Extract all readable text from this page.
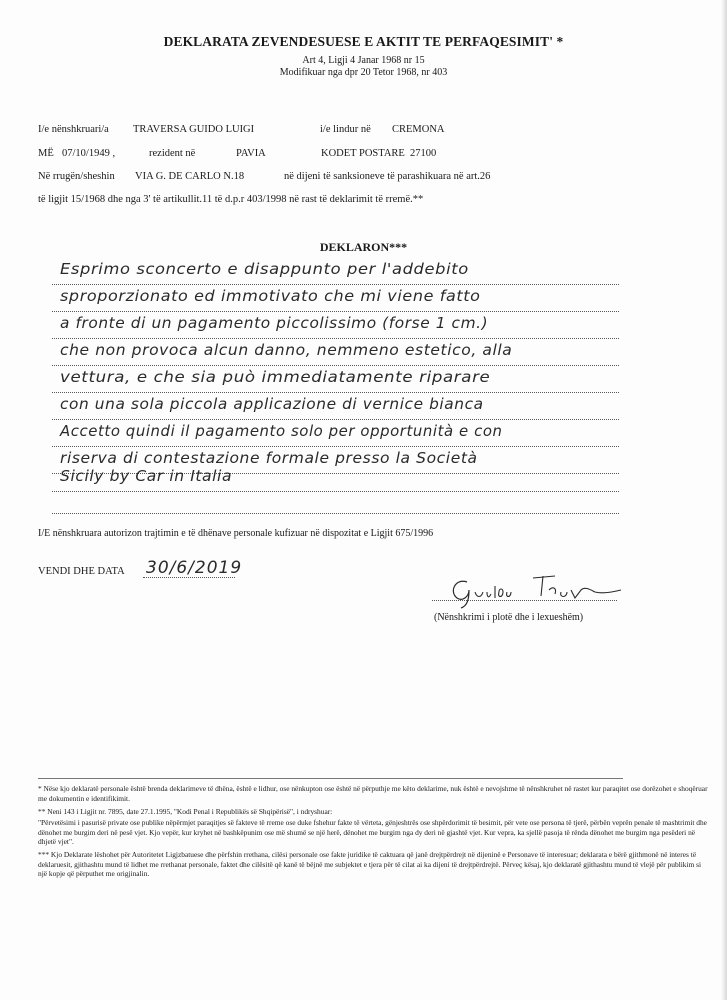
DEKLARATA ZEVENDESUESE E AKTIT TE PERFAQESIMIT' *
Art 4, Ligji 4 Janar 1968 nr 15
Modifikuar nga dpr 20 Tetor 1968, nr 403
I/e nënshkruari/a TRAVERSA GUIDO LUIGI	i/e lindur në CREMONA
MË 07/10/1949 ,	rezident në	PAVIA	KODET POSTARE 27100
Në rrugën/sheshin VIA G. DE CARLO N.18	në dijeni të sanksioneve të parashikuara në art.26
të ligjit 15/1968 dhe nga 3' të artikullit.11 të d.p.r 403/1998 në rast të deklarimit të rremë.**
DEKLARON***
Esprimo sconcerto e disappunto per l'addebito
sproporzionato ed immotivato che mi viene fatto
a fronte di un pagamento piccolissimo (forse 1 cm.)
che non provoca alcun danno, nemmeno estetico, alla
vettura, e che sia può immediatamente riparare
con una sola piccola applicazione di vernice bianca
Accetto quindi il pagamento solo per opportunità e con
riserva di contestazione formale presso la Società
Sicily by Car in Italia
I/E nënshkruara autorizon trajtimin e të dhënave personale kufizuar në dispozitat e Ligjit 675/1996
VENDI DHE DATA 30/6/2019
(Nënshkrimi i plotë dhe i lexueshëm)
* Nëse kjo deklaratë personale është brenda deklarimeve të dhëna, është e lidhur, ose nënkupton ose është në përputhje me këto deklarime, nuk është e nevojshme të nënshkruhet në rastet kur paraqitet ose dorëzohet e shoqëruar me dokumentin e identifikimit.
** Neni 143 i Ligjit nr. 7895, date 27.1.1995, "Kodi Penal i Republikës së Shqipërisë", i ndryshuar:
"Përvetësimi i pasurisë private ose publike nëpërmjet paraqitjes së fakteve të rreme ose duke fshehur fakte të vërteta, gënjeshtrës ose shpërdorimit të besimit, për vete ose persona të tjerë, përbën veprën penale të mashtrimit dhe dënohet me burgim deri në pesë vjet. Kjo vepër, kur kryhet në bashkëpunim ose më shumë se një herë, dënohet me burgim nga dy deri në gjashtë vjet. Kur vepra, ka sjellë pasoja të rënda dënohet me burgim nga pesëderi në dhjetë vjet".
*** Kjo Deklarate lëshohet për Autoritetet Ligjzbatuese dhe përfshin rrethana, cilësi personale ose fakte juridike të caktuara që janë drejtpërdrejt në dijeninë e Personave të interesuar; deklarata e bërë gjithmonë në interes të deklaruesit, gjithashtu mund të lidhet me rrethanat personale, faktet dhe cilësitë që kanë të bëjnë me subjektet e tjera për të cilat ai ka dijeni të drejtpërdrejtë. Përveç kësaj, kjo deklaratë gjithashtu mund të vlejë për publikim si një kopje që përputhet me origjinalin.
